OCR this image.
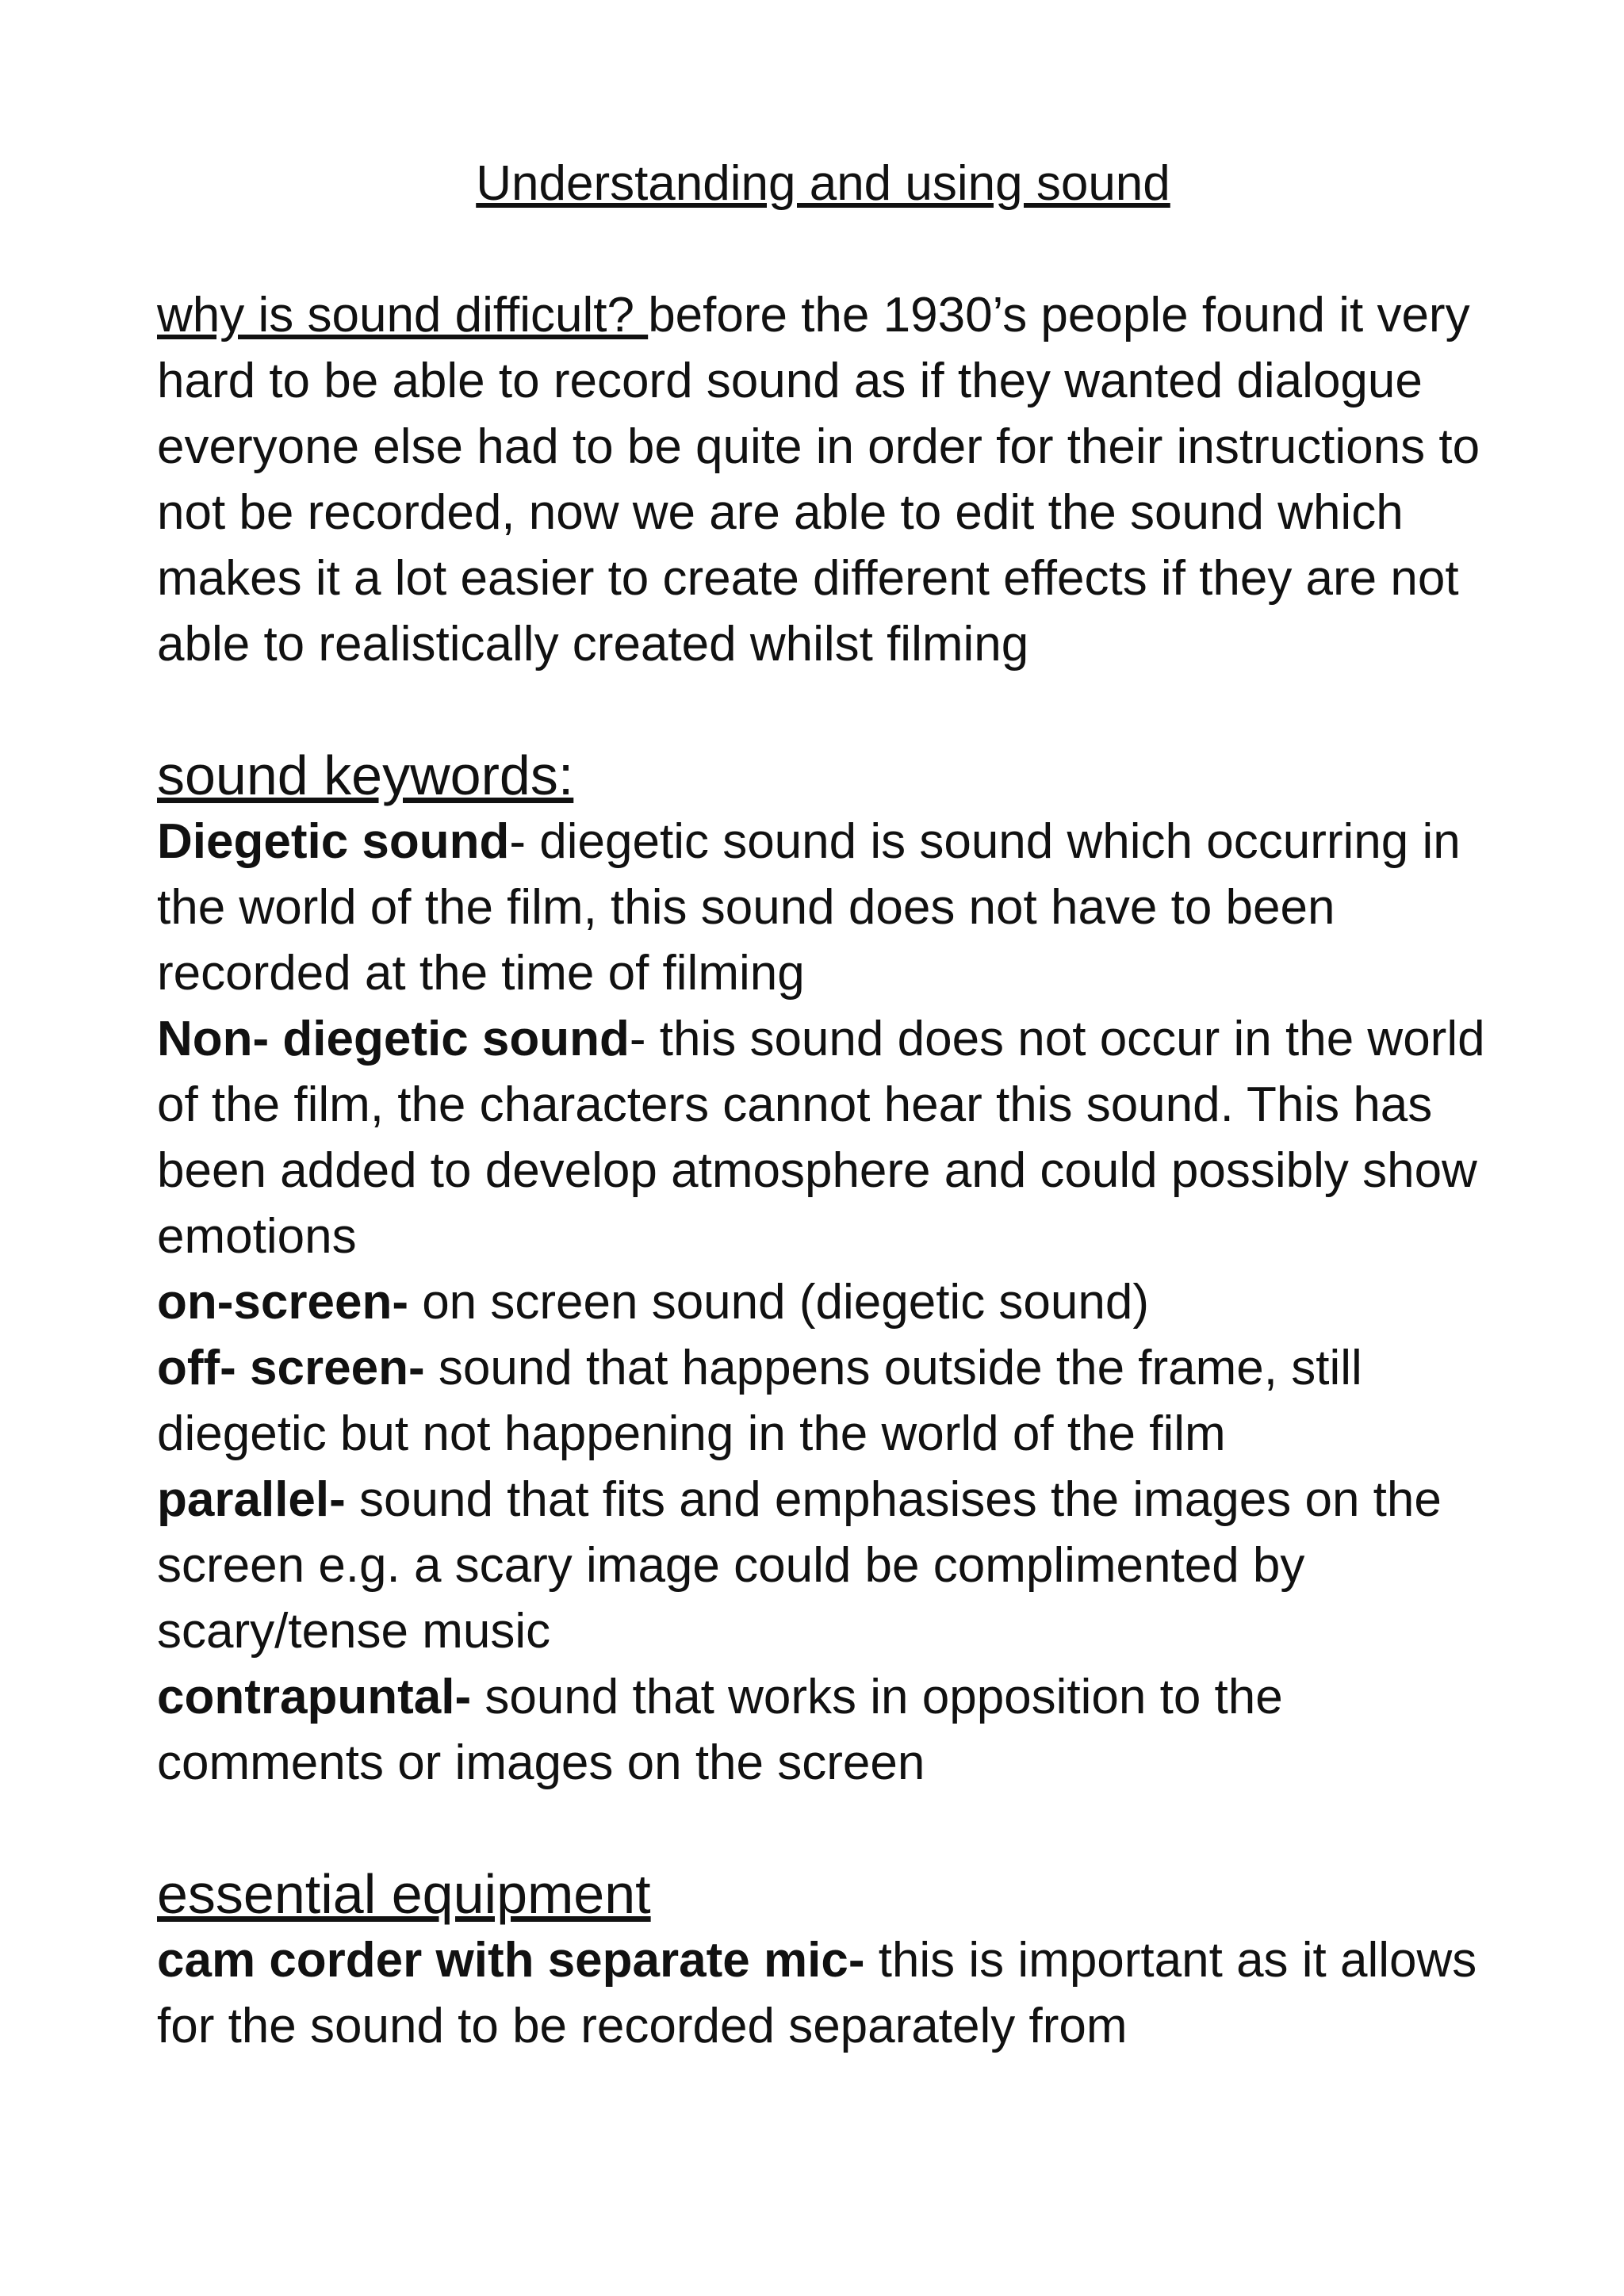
Understanding and using sound

why is sound difficult? before the 1930’s people found it very hard to be able to record sound as if they wanted dialogue everyone else had to be quite in order for their instructions to not be recorded, now we are able to edit the sound which makes it a lot easier to create different effects if they are not able to realistically created whilst filming

sound keywords:

Diegetic sound- diegetic sound is sound which occurring in the world of the film, this sound does not have to been recorded at the time of filming

Non- diegetic sound- this sound does not occur in the world of the film, the characters cannot hear this sound. This has been added to develop atmosphere and could possibly show emotions

on-screen- on screen sound (diegetic sound)

off- screen- sound that happens outside the frame, still diegetic but not happening in the world of the film

parallel- sound that fits and emphasises the images on the screen e.g. a scary image could be complimented by scary/tense music

contrapuntal- sound that works in opposition to the comments or images on the screen

essential equipment

cam corder with separate mic- this is important as it allows for the sound to be recorded separately from
